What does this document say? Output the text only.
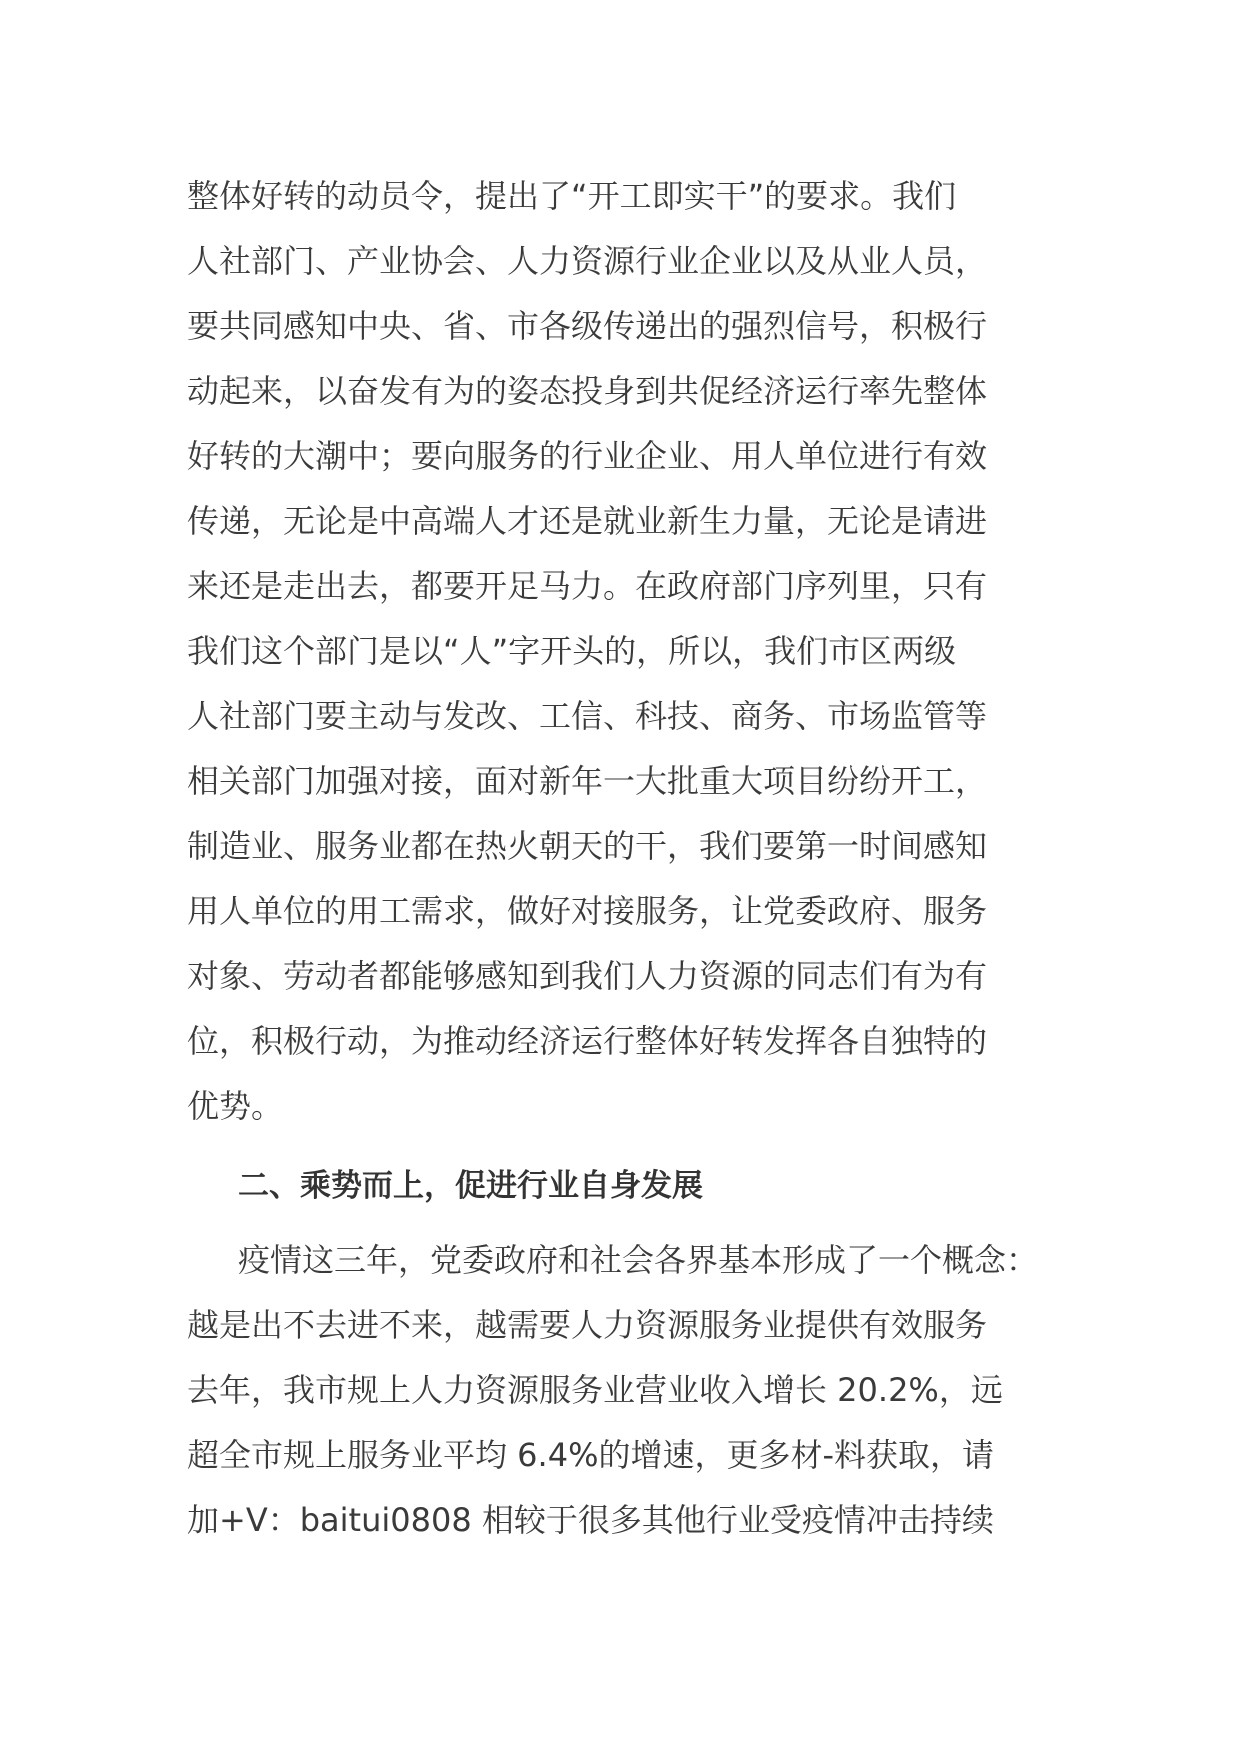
整体好转的动员令，提出了“开工即实干”的要求。我们
人社部门、产业协会、人力资源行业企业以及从业人员，
要共同感知中央、省、市各级传递出的强烈信号，积极行
动起来，以奋发有为的姿态投身到共促经济运行率先整体
好转的大潮中；要向服务的行业企业、用人单位进行有效
传递，无论是中高端人才还是就业新生力量，无论是请进
来还是走出去，都要开足马力。在政府部门序列里，只有
我们这个部门是以“人”字开头的，所以，我们市区两级
人社部门要主动与发改、工信、科技、商务、市场监管等
相关部门加强对接，面对新年一大批重大项目纷纷开工，
制造业、服务业都在热火朝天的干，我们要第一时间感知
用人单位的用工需求，做好对接服务，让党委政府、服务
对象、劳动者都能够感知到我们人力资源的同志们有为有
位，积极行动，为推动经济运行整体好转发挥各自独特的
优势。
二、乘势而上，促进行业自身发展
疫情这三年，党委政府和社会各界基本形成了一个概念：
越是出不去进不来，越需要人力资源服务业提供有效服务
去年，我市规上人力资源服务业营业收入增长 20.2%，远
超全市规上服务业平均 6.4%的增速，更多材-料获取，请
加+V：baitui0808 相较于很多其他行业受疫情冲击持续
